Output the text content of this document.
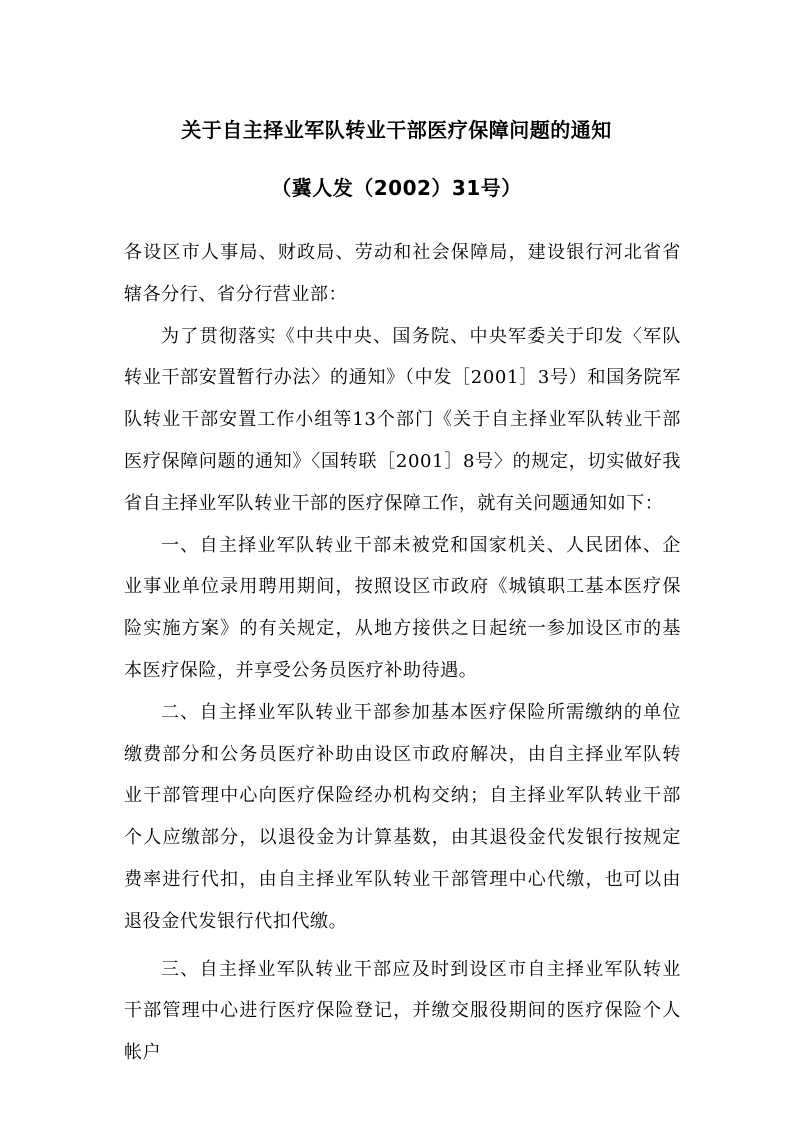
关于自主择业军队转业干部医疗保障问题的通知
（冀人发（2002）31号）

各设区市人事局、财政局、劳动和社会保障局，建设银行河北省省辖各分行、省分行营业部：

为了贯彻落实《中共中央、国务院、中央军委关于印发〈军队转业干部安置暂行办法〉的通知》（中发［2001］3号）和国务院军队转业干部安置工作小组等13个部门《关于自主择业军队转业干部医疗保障问题的通知》〈国转联［2001］8号〉的规定，切实做好我省自主择业军队转业干部的医疗保障工作，就有关问题通知如下：

一、自主择业军队转业干部未被党和国家机关、人民团体、企业事业单位录用聘用期间，按照设区市政府《城镇职工基本医疗保险实施方案》的有关规定，从地方接供之日起统一参加设区市的基本医疗保险，并享受公务员医疗补助待遇。

二、自主择业军队转业干部参加基本医疗保险所需缴纳的单位缴费部分和公务员医疗补助由设区市政府解决，由自主择业军队转业干部管理中心向医疗保险经办机构交纳；自主择业军队转业干部个人应缴部分，以退役金为计算基数，由其退役金代发银行按规定费率进行代扣，由自主择业军队转业干部管理中心代缴，也可以由退役金代发银行代扣代缴。

三、自主择业军队转业干部应及时到设区市自主择业军队转业干部管理中心进行医疗保险登记，并缴交服役期间的医疗保险个人帐户
